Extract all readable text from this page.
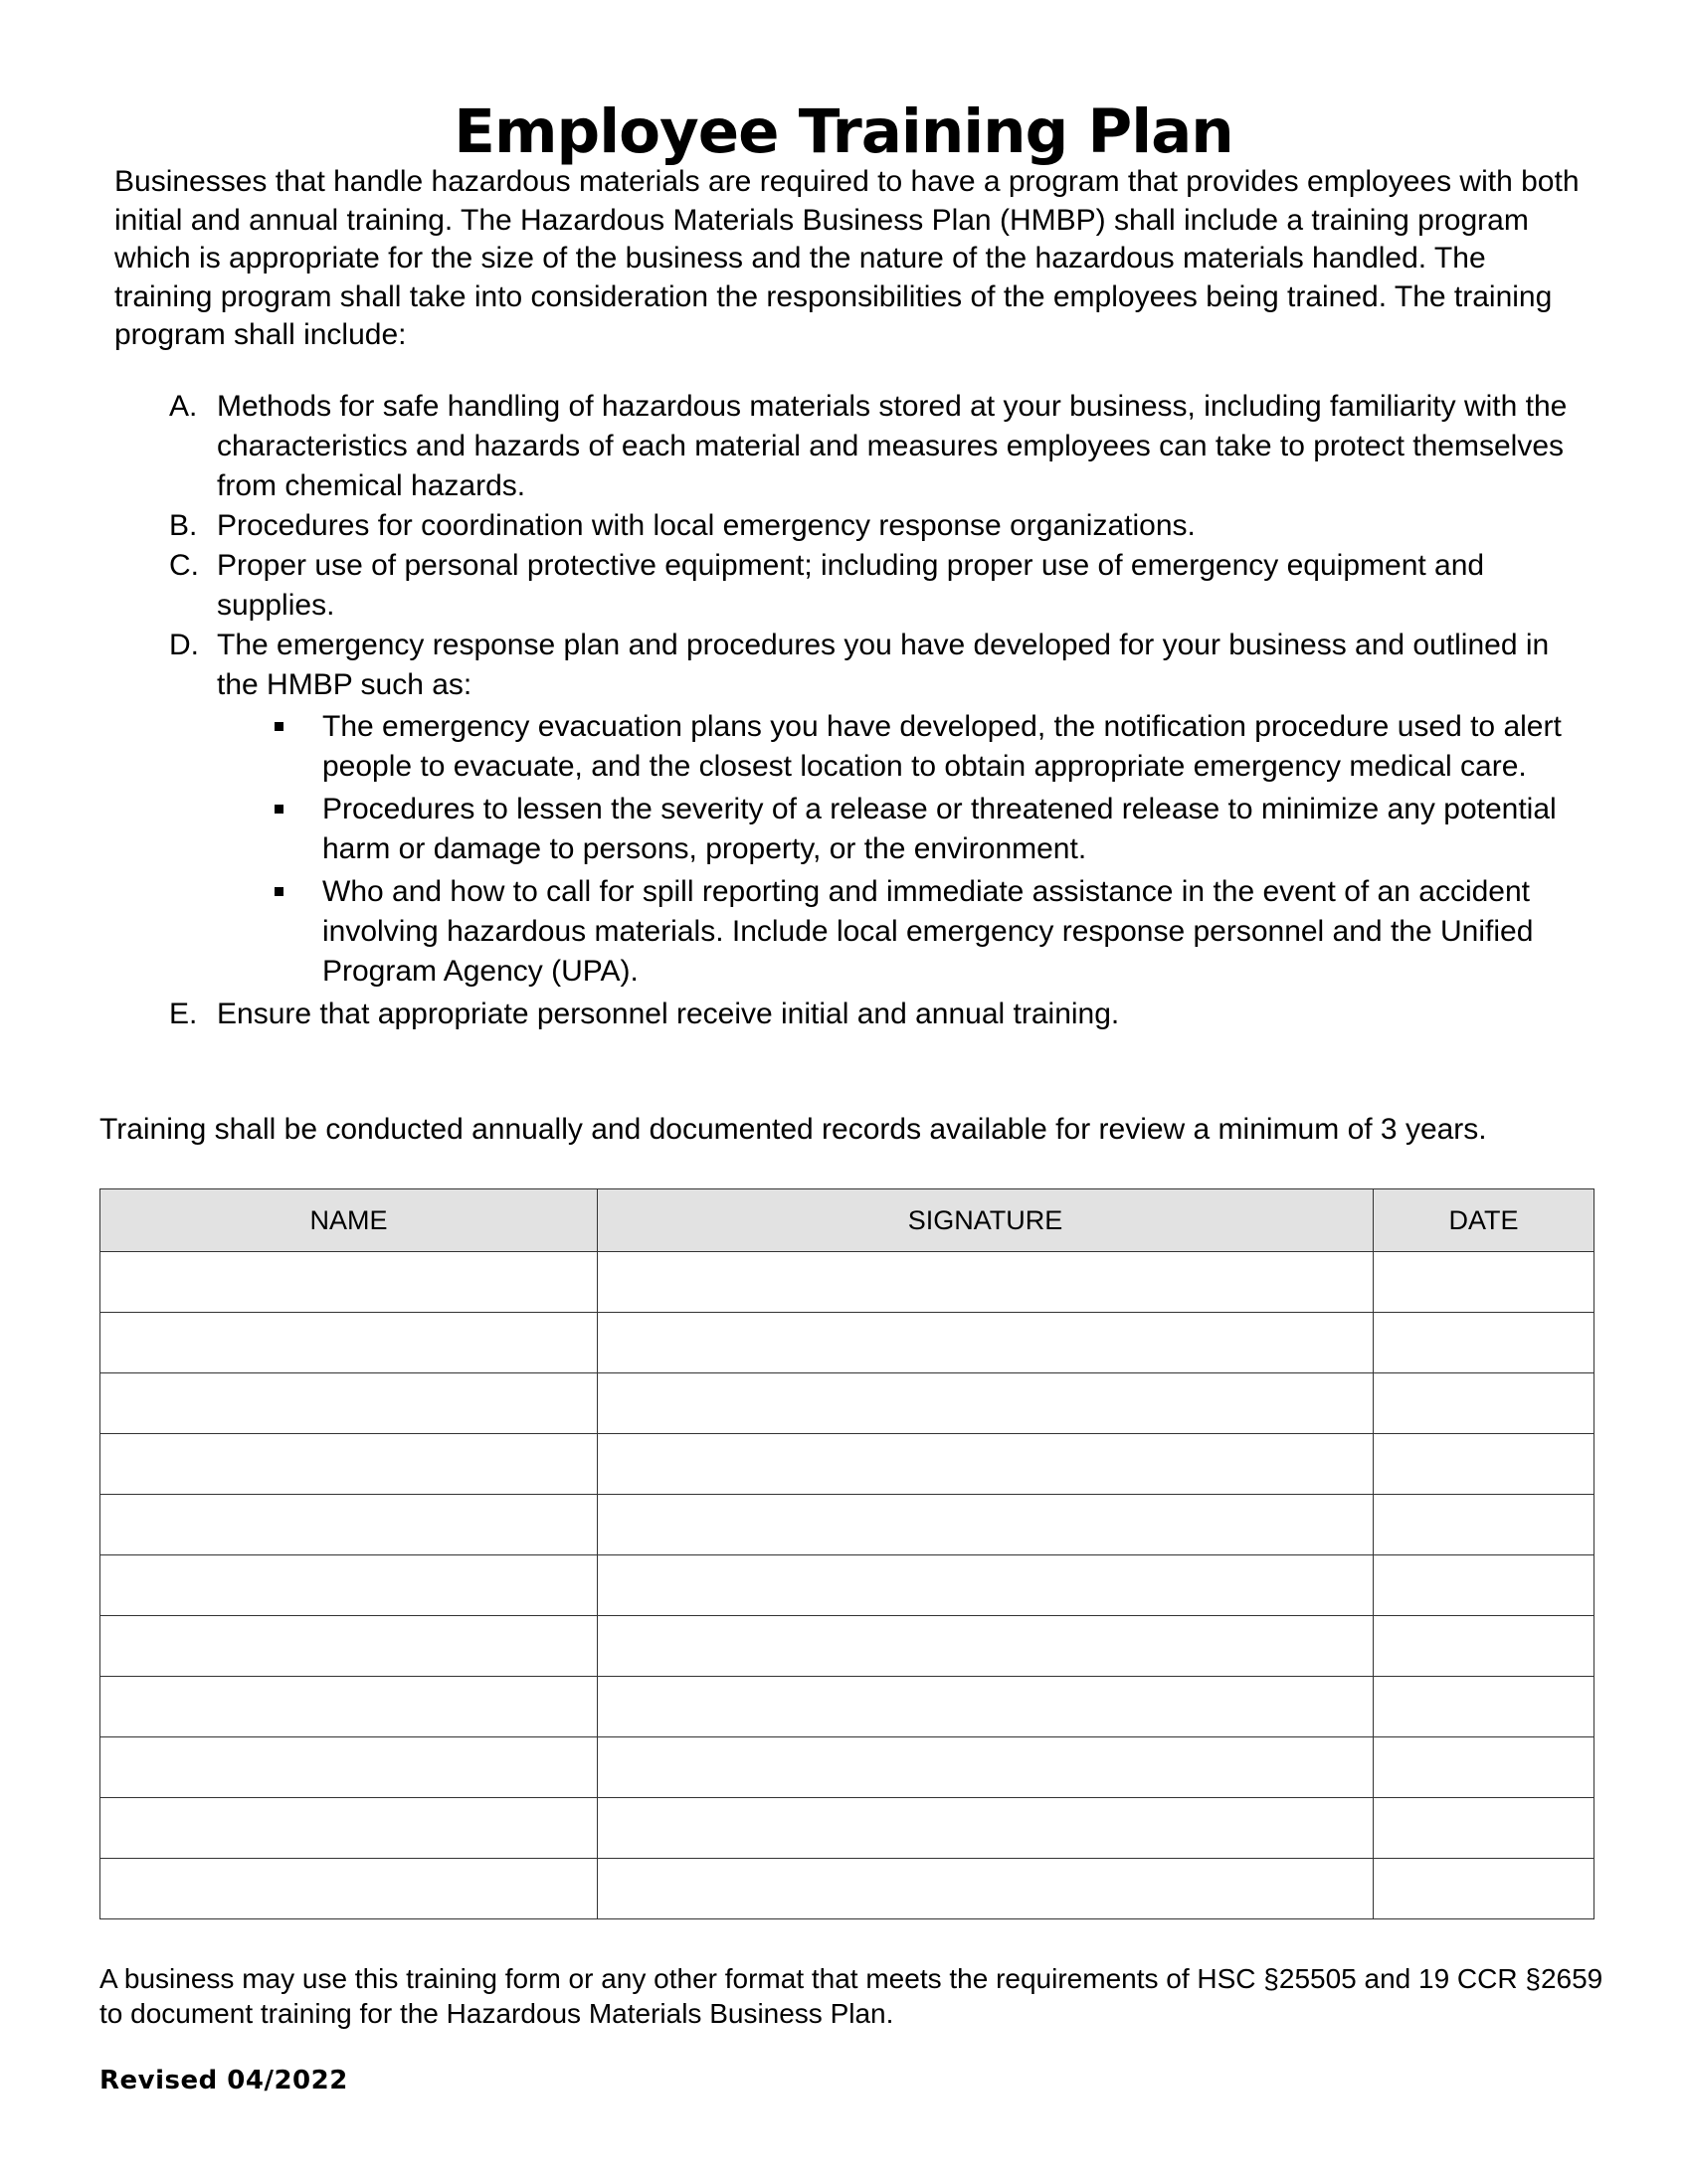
Employee Training Plan

Businesses that handle hazardous materials are required to have a program that provides employees with both initial and annual training. The Hazardous Materials Business Plan (HMBP) shall include a training program which is appropriate for the size of the business and the nature of the hazardous materials handled. The training program shall take into consideration the responsibilities of the employees being trained. The training program shall include:

A. Methods for safe handling of hazardous materials stored at your business, including familiarity with the characteristics and hazards of each material and measures employees can take to protect themselves from chemical hazards.
B. Procedures for coordination with local emergency response organizations.
C. Proper use of personal protective equipment; including proper use of emergency equipment and supplies.
D. The emergency response plan and procedures you have developed for your business and outlined in the HMBP such as:
The emergency evacuation plans you have developed, the notification procedure used to alert people to evacuate, and the closest location to obtain appropriate emergency medical care.
Procedures to lessen the severity of a release or threatened release to minimize any potential harm or damage to persons, property, or the environment.
Who and how to call for spill reporting and immediate assistance in the event of an accident involving hazardous materials. Include local emergency response personnel and the Unified Program Agency (UPA).
E. Ensure that appropriate personnel receive initial and annual training.

Training shall be conducted annually and documented records available for review a minimum of 3 years.

NAME	SIGNATURE	DATE

A business may use this training form or any other format that meets the requirements of HSC §25505 and 19 CCR §2659 to document training for the Hazardous Materials Business Plan.

Revised 04/2022
